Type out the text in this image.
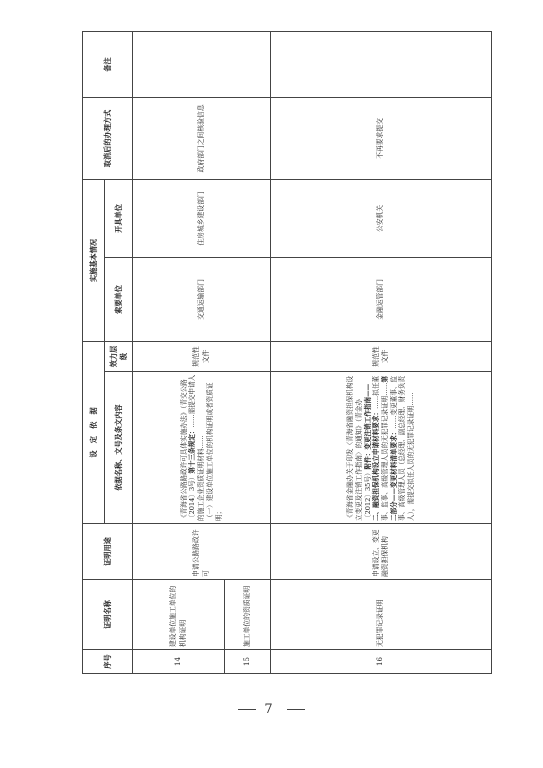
序号	证明名称	证明用途	设　定　依　据		实施基本情况		取消后的办理方式	备注
			依据名称、文号及条文内容	效力层级	索要单位	开具单位		

14	建设单位施工单位的机构证明	申请公路路政许可	《青海省公路路政许可具体实施办法》（青交公路〔2014〕3号）第十三条规定：……需提交申请人的施工企业资质证明材料……
（一）建设单位施工单位的机构证明或者资质证明；	规范性文件	交通运输部门	住房城乡建设部门	政府部门之间核验信息	
15	施工单位的资质证明							
16	无犯罪记录证明	申请设立、变更融资担保机构	《青海省金融办关于印发〈青海省融资担保机构设立变更及注销工作指南〉的通知》（青金办〔2012〕35号）附件：变更注销工作指南——二、融资担保机构设立申请材料要求：……拟任董事、监事、高级管理人员的无犯罪记录证明……第二部分——变更材料清单要求：……变更董事、监事、高级管理人员（总经理、副总经理、财务负责人），需提交拟任人员的无犯罪记录证明……	规范性文件	金融运管部门	公安机关	不再要求提交	
7
